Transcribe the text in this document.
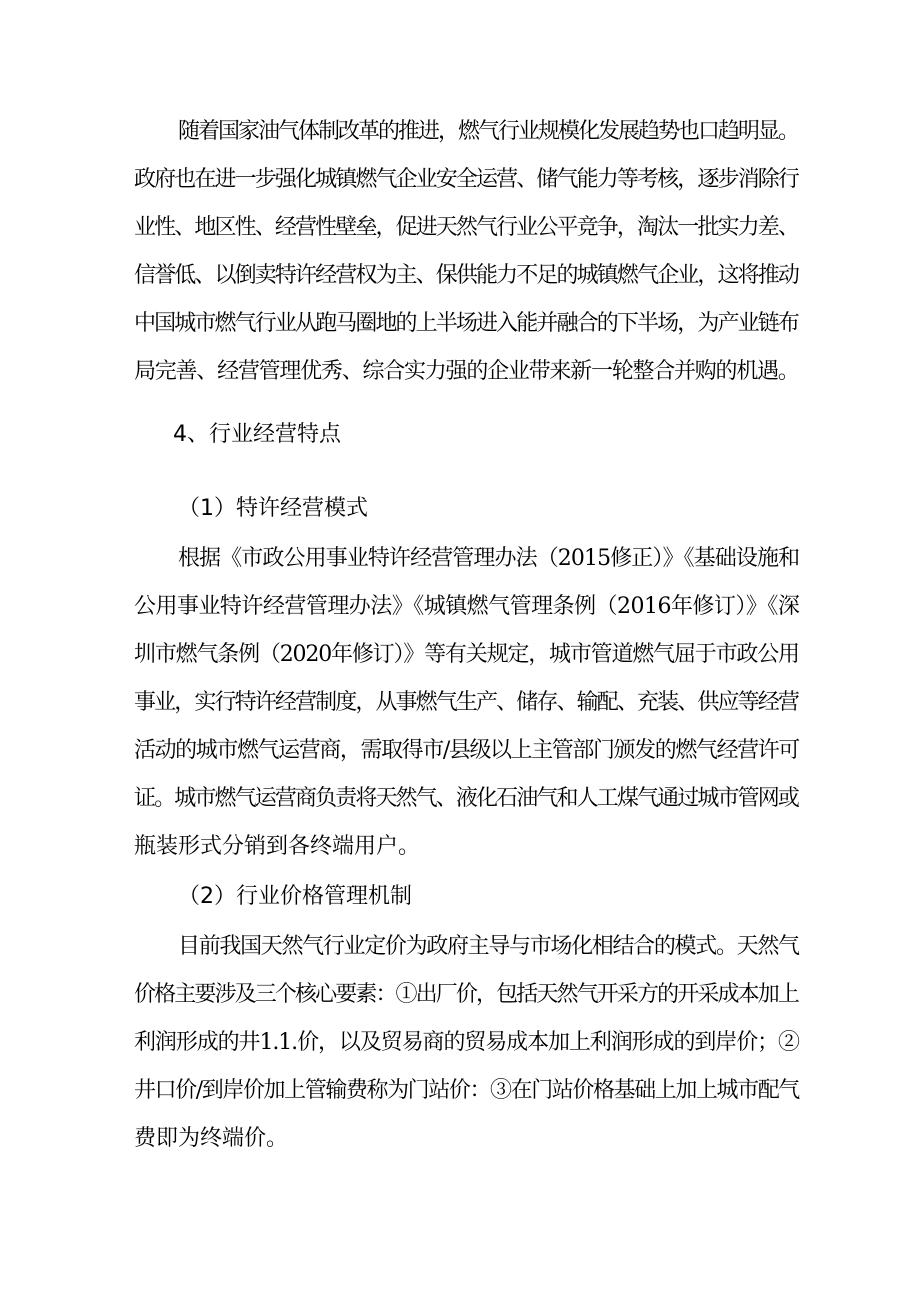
随着国家油气体制改革的推进，燃气行业规模化发展趋势也口趋明显。
政府也在进一步强化城镇燃气企业安全运营、储气能力等考核，逐步消除行
业性、地区性、经营性壁垒，促进天然气行业公平竞争，淘汰一批实力差、
信誉低、以倒卖特许经营权为主、保供能力不足的城镇燃气企业，这将推动
中国城市燃气行业从跑马圈地的上半场进入能并融合的下半场，为产业链布
局完善、经营管理优秀、综合实力强的企业带来新一轮整合并购的机遇。
4、行业经营特点
（1）特许经营模式
根据《市政公用事业特许经营管理办法（2015修正）》《基础设施和
公用事业特许经营管理办法》《城镇燃气管理条例（2016年修订）》《深
圳市燃气条例（2020年修订）》等有关规定，城市管道燃气屈于市政公用
事业，实行特许经营制度，从事燃气生产、储存、输配、充装、供应等经营
活动的城市燃气运营商，需取得市/县级以上主管部门颁发的燃气经营许可
证。城市燃气运营商负责将天然气、液化石油气和人工煤气通过城市管网或
瓶装形式分销到各终端用户。
（2）行业价格管理机制
目前我国天然气行业定价为政府主导与市场化相结合的模式。天然气
价格主要涉及三个核心要素：①出厂价，包括天然气开采方的开采成本加上
利润形成的井1.1.价，以及贸易商的贸易成本加上利润形成的到岸价；②
井口价/到岸价加上管输费称为门站价：③在门站价格基础上加上城市配气
费即为终端价。
